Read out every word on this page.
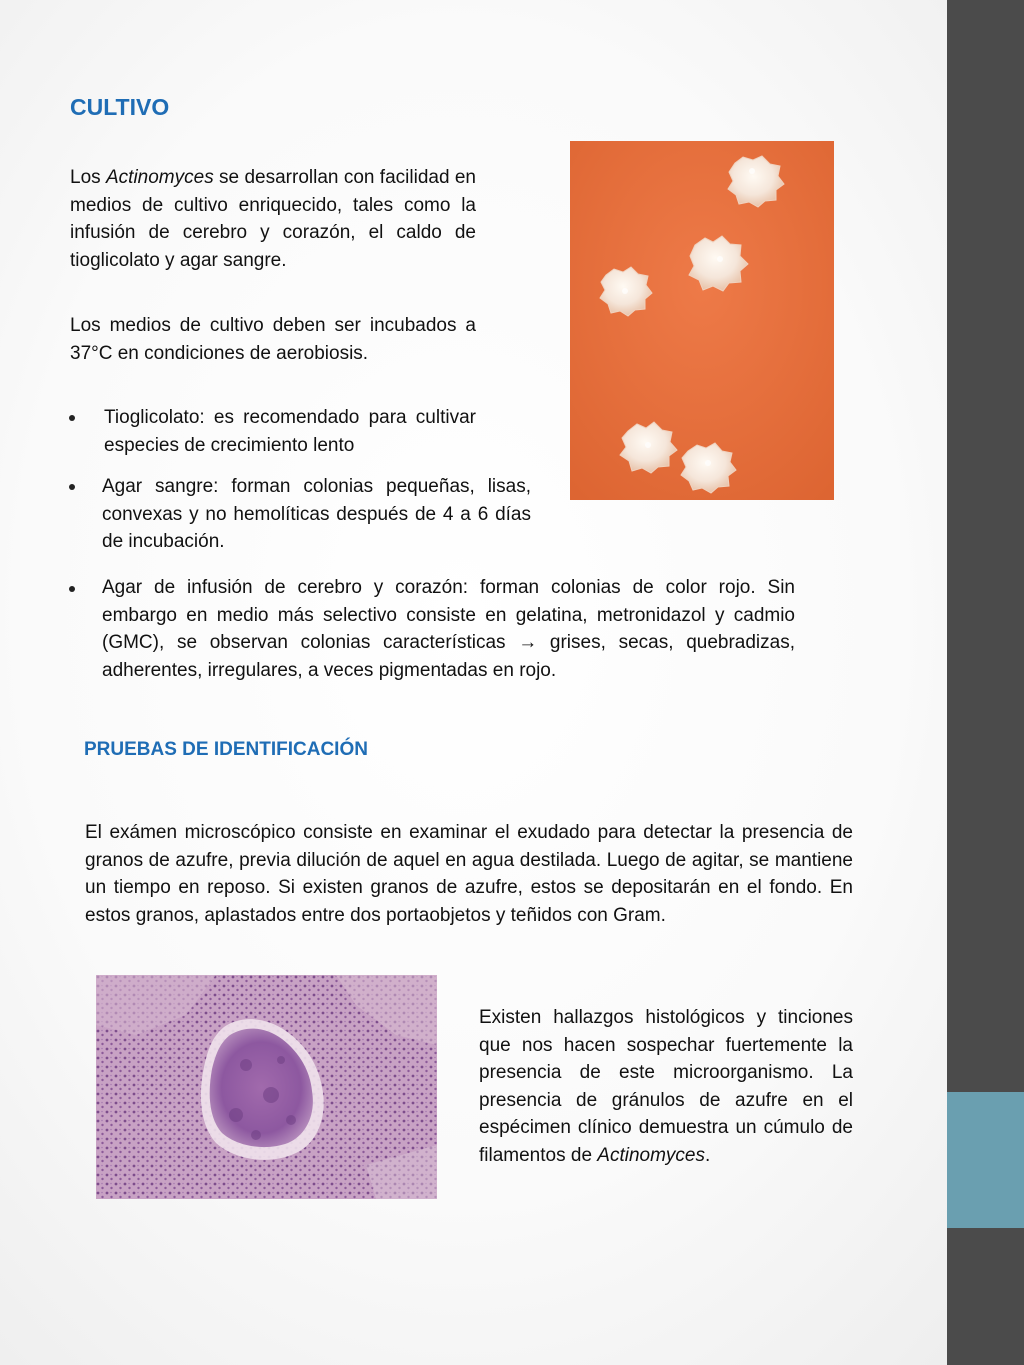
CULTIVO

Los Actinomyces se desarrollan con facilidad en medios de cultivo enriquecido, tales como la infusión de cerebro y corazón, el caldo de tioglicolato y agar sangre.

Los medios de cultivo deben ser incubados a 37°C en condiciones de aerobiosis.

Tioglicolato: es recomendado para cultivar especies de crecimiento lento

Agar sangre: forman colonias pequeñas, lisas, convexas y no hemolíticas después de 4 a 6 días de incubación.

Agar de infusión de cerebro y corazón: forman colonias de color rojo. Sin embargo en medio más selectivo consiste en gelatina, metronidazol y cadmio (GMC), se observan colonias características → grises, secas, quebradizas, adherentes, irregulares, a veces pigmentadas en rojo.

PRUEBAS DE IDENTIFICACIÓN

El exámen microscópico consiste en examinar el exudado para detectar la presencia de granos de azufre, previa dilución de aquel en agua destilada. Luego de agitar, se mantiene un tiempo en reposo. Si existen granos de azufre, estos se depositarán en el fondo. En estos granos, aplastados entre dos portaobjetos y teñidos con Gram.

Existen hallazgos histológicos y tinciones que nos hacen sospechar fuertemente la presencia de este microorganismo. La presencia de gránulos de azufre en el espécimen clínico demuestra un cúmulo de filamentos de Actinomyces.
